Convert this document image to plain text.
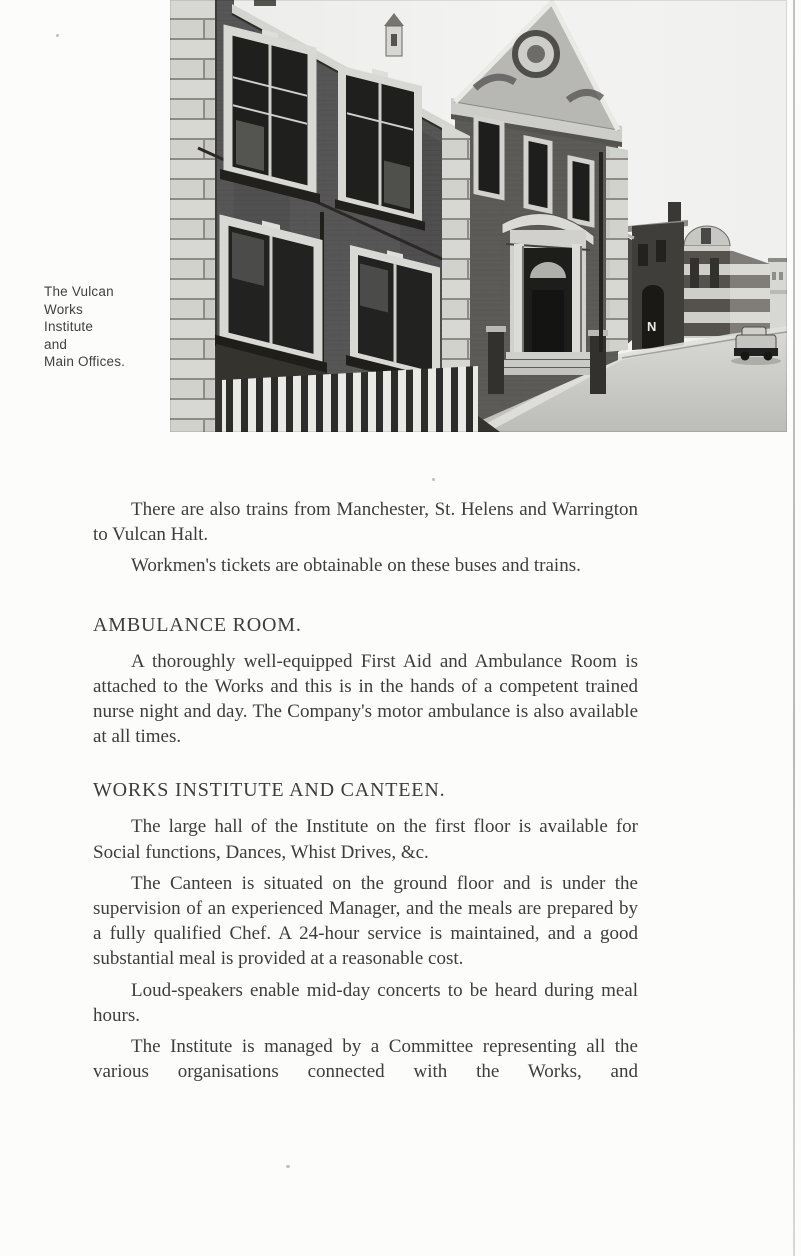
N
The Vulcan
Works
Institute
and
Main Offices.

There are also trains from Manchester, St. Helens and Warrington to Vulcan Halt.

Workmen's tickets are obtainable on these buses and trains.

AMBULANCE ROOM.

A thoroughly well-equipped First Aid and Ambulance Room is attached to the Works and this is in the hands of a competent trained nurse night and day. The Company's motor ambulance is also available at all times.

WORKS INSTITUTE AND CANTEEN.

The large hall of the Institute on the first floor is available for Social functions, Dances, Whist Drives, &c.

The Canteen is situated on the ground floor and is under the supervision of an experienced Manager, and the meals are prepared by a fully qualified Chef. A 24-hour service is maintained, and a good substantial meal is provided at a reasonable cost.

Loud-speakers enable mid-day concerts to be heard during meal hours.

The Institute is managed by a Committee representing all the various organisations connected with the Works, and
